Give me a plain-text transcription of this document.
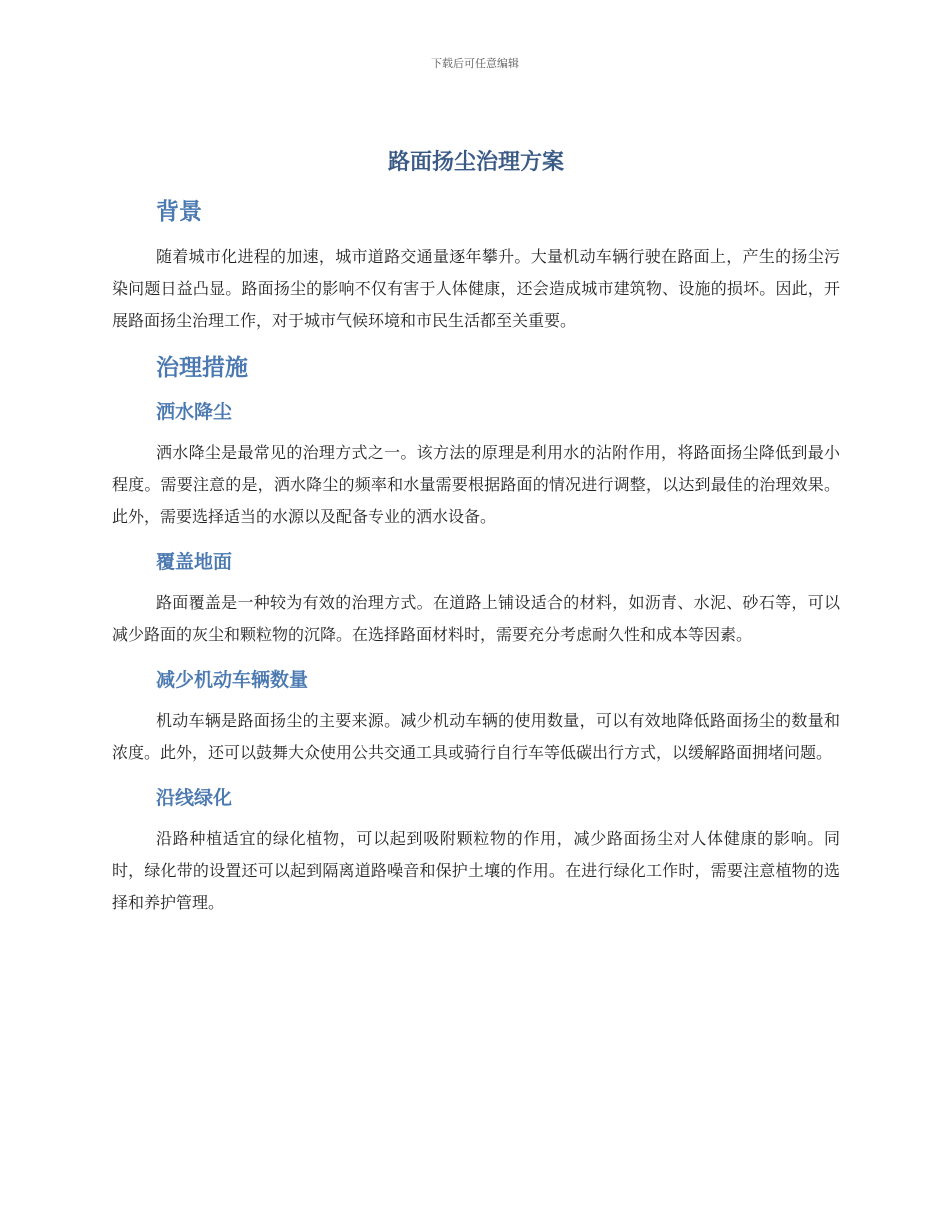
下载后可任意编辑
路面扬尘治理方案
背景

随着城市化进程的加速，城市道路交通量逐年攀升。大量机动车辆行驶在路面上，产生的扬尘污染问题日益凸显。路面扬尘的影响不仅有害于人体健康，还会造成城市建筑物、设施的损坏。因此，开展路面扬尘治理工作，对于城市气候环境和市民生活都至关重要。

治理措施
洒水降尘

洒水降尘是最常见的治理方式之一。该方法的原理是利用水的沾附作用，将路面扬尘降低到最小程度。需要注意的是，洒水降尘的频率和水量需要根据路面的情况进行调整，以达到最佳的治理效果。此外，需要选择适当的水源以及配备专业的洒水设备。

覆盖地面

路面覆盖是一种较为有效的治理方式。在道路上铺设适合的材料，如沥青、水泥、砂石等，可以减少路面的灰尘和颗粒物的沉降。在选择路面材料时，需要充分考虑耐久性和成本等因素。

减少机动车辆数量

机动车辆是路面扬尘的主要来源。减少机动车辆的使用数量，可以有效地降低路面扬尘的数量和浓度。此外，还可以鼓舞大众使用公共交通工具或骑行自行车等低碳出行方式，以缓解路面拥堵问题。

沿线绿化

沿路种植适宜的绿化植物，可以起到吸附颗粒物的作用，减少路面扬尘对人体健康的影响。同时，绿化带的设置还可以起到隔离道路噪音和保护土壤的作用。在进行绿化工作时，需要注意植物的选择和养护管理。
